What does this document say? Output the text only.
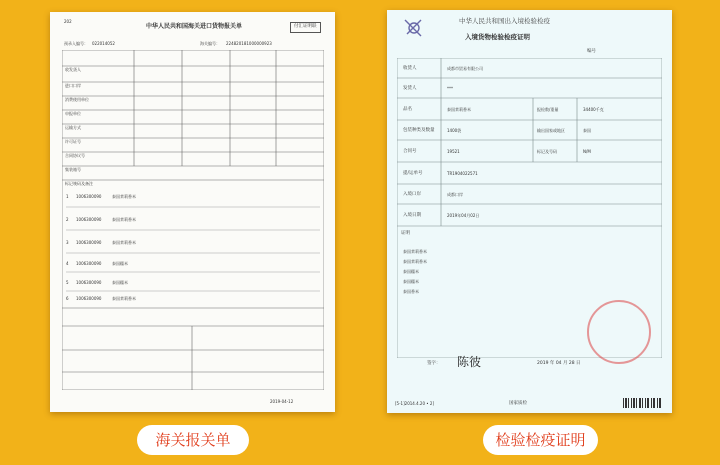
202
中华人民共和国海关进口货物报关单	付汇证明联
预录入编号： 022014052	海关编号： 224820181000000923
收发货人
进口口岸
消费使用单位
申报单位
运输方式
许可证号
合同协议号
集装箱号
标记唛码及备注
1 1006300090	泰国茉莉香米
2 1006300090	泰国茉莉香米
3 1006300090	泰国茉莉香米
4 1006300090	泰国糯米
5 1006300090	泰国糯米
6 1006300090	泰国茉莉香米
2019-04-12
中华人民共和国出入境检验检疫
入境货物检验检疫证明
编号
收货人	成都市贸易有限公司
发货人	***
品名	泰国茉莉香米	报检数/重量	34400千克
包装种类及数量	1400袋	输出国家或地区	泰国
合同号	19521	标记及号码	N/M
提/运单号	TR1904022571
入境口岸	成都口岸
入境日期	2019年04月02日
证明
泰国茉莉香米
泰国茉莉香米
泰国糯米
泰国糯米
泰国香米
签字： 陈彼	2019 年 04 月 28 日
[5-1]2014.4.20 • 2]	国家质检
海关报关单	检验检疫证明
